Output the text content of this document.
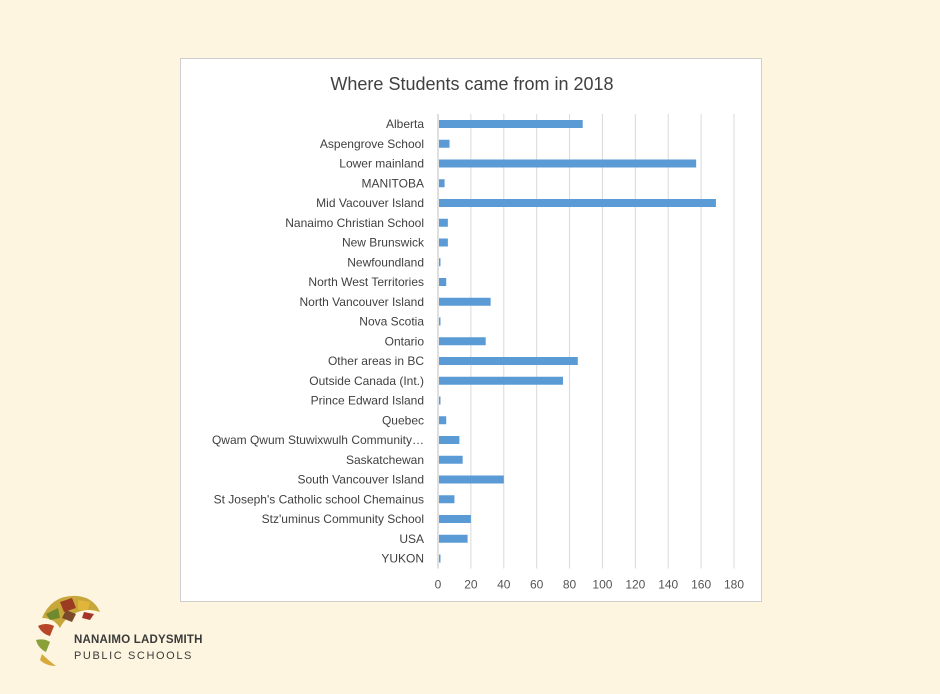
Where Students came from in 2018
Alberta
Aspengrove School
Lower mainland
MANITOBA
Mid Vacouver Island
Nanaimo Christian School
New Brunswick
Newfoundland
North West Territories
North Vancouver Island
Nova Scotia
Ontario
Other areas in BC
Outside Canada (Int.)
Prince Edward Island
Quebec
Qwam Qwum Stuwixwulh Community…
Saskatchewan
South Vancouver Island
St Joseph's Catholic school Chemainus
Stz'uminus Community School
USA
YUKON
0 20 40 60 80 100 120 140 160 180
NANAIMO LADYSMITH
PUBLIC SCHOOLS
